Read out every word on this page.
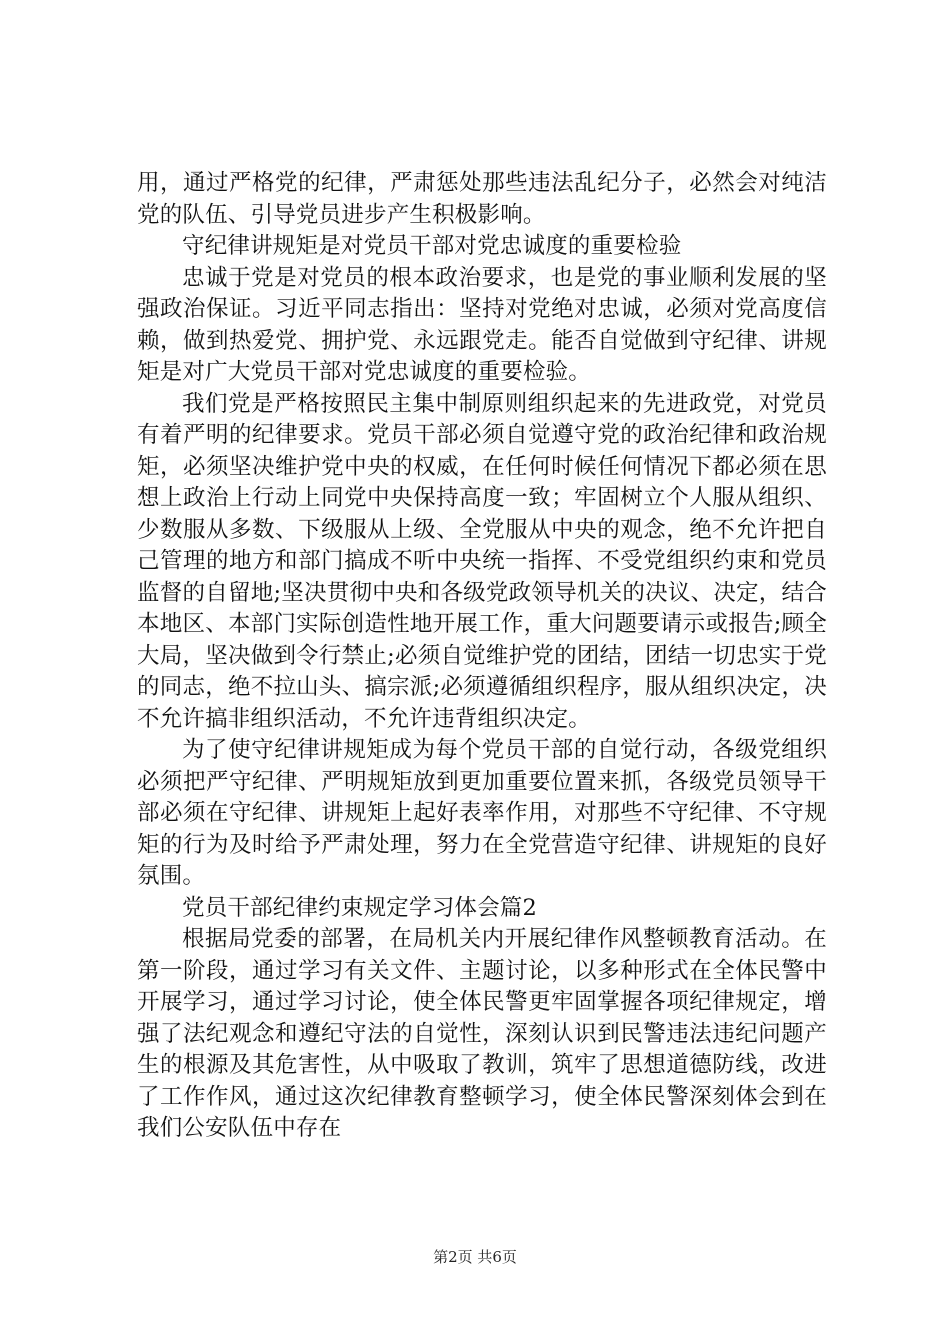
用，通过严格党的纪律，严肃惩处那些违法乱纪分子，必然会对纯洁党的队伍、引导党员进步产生积极影响。

守纪律讲规矩是对党员干部对党忠诚度的重要检验

忠诚于党是对党员的根本政治要求，也是党的事业顺利发展的坚强政治保证。习近平同志指出：坚持对党绝对忠诚，必须对党高度信赖，做到热爱党、拥护党、永远跟党走。能否自觉做到守纪律、讲规矩是对广大党员干部对党忠诚度的重要检验。

我们党是严格按照民主集中制原则组织起来的先进政党，对党员有着严明的纪律要求。党员干部必须自觉遵守党的政治纪律和政治规矩，必须坚决维护党中央的权威，在任何时候任何情况下都必须在思想上政治上行动上同党中央保持高度一致；牢固树立个人服从组织、少数服从多数、下级服从上级、全党服从中央的观念，绝不允许把自己管理的地方和部门搞成不听中央统一指挥、不受党组织约束和党员监督的自留地;坚决贯彻中央和各级党政领导机关的决议、决定，结合本地区、本部门实际创造性地开展工作，重大问题要请示或报告;顾全大局，坚决做到令行禁止;必须自觉维护党的团结，团结一切忠实于党的同志，绝不拉山头、搞宗派;必须遵循组织程序，服从组织决定，决不允许搞非组织活动，不允许违背组织决定。

为了使守纪律讲规矩成为每个党员干部的自觉行动，各级党组织必须把严守纪律、严明规矩放到更加重要位置来抓，各级党员领导干部必须在守纪律、讲规矩上起好表率作用，对那些不守纪律、不守规矩的行为及时给予严肃处理，努力在全党营造守纪律、讲规矩的良好氛围。

党员干部纪律约束规定学习体会篇2

根据局党委的部署，在局机关内开展纪律作风整顿教育活动。在第一阶段，通过学习有关文件、主题讨论，以多种形式在全体民警中开展学习，通过学习讨论，使全体民警更牢固掌握各项纪律规定，增强了法纪观念和遵纪守法的自觉性，深刻认识到民警违法违纪问题产生的根源及其危害性，从中吸取了教训，筑牢了思想道德防线，改进了工作作风，通过这次纪律教育整顿学习，使全体民警深刻体会到在我们公安队伍中存在

第2页 共6页
